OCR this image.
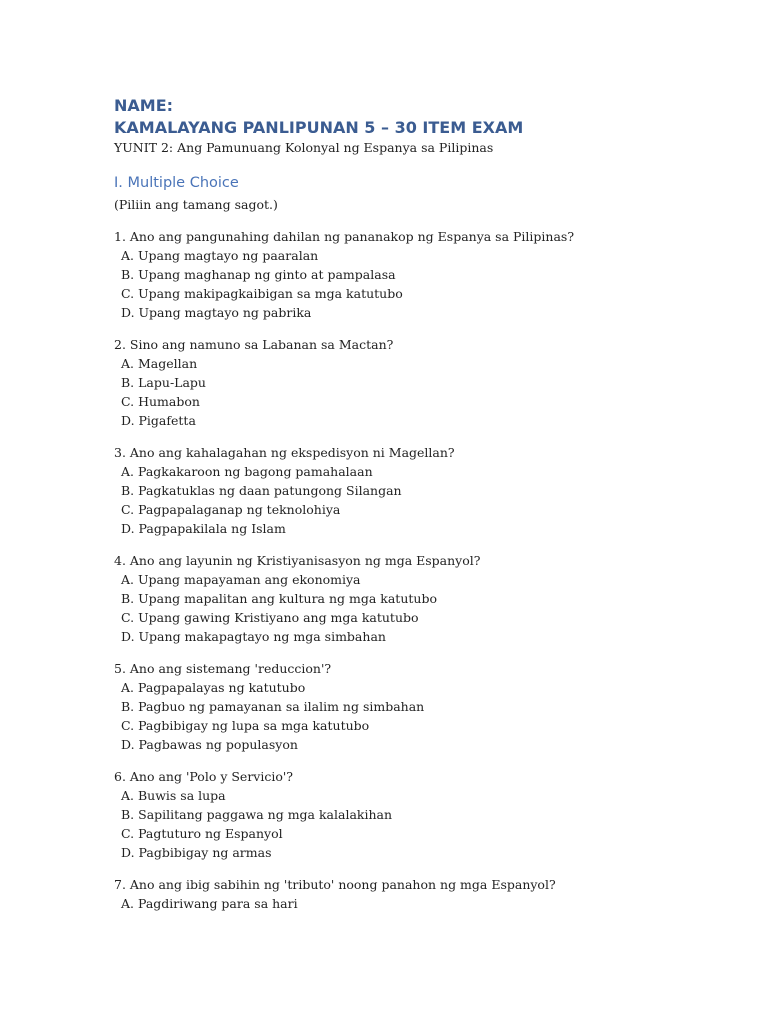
NAME:
KAMALAYANG PANLIPUNAN 5 – 30 ITEM EXAM
YUNIT 2: Ang Pamunuang Kolonyal ng Espanya sa Pilipinas
I. Multiple Choice
(Piliin ang tamang sagot.)
1. Ano ang pangunahing dahilan ng pananakop ng Espanya sa Pilipinas?
A. Upang magtayo ng paaralan
B. Upang maghanap ng ginto at pampalasa
C. Upang makipagkaibigan sa mga katutubo
D. Upang magtayo ng pabrika
2. Sino ang namuno sa Labanan sa Mactan?
A. Magellan
B. Lapu-Lapu
C. Humabon
D. Pigafetta
3. Ano ang kahalagahan ng ekspedisyon ni Magellan?
A. Pagkakaroon ng bagong pamahalaan
B. Pagkatuklas ng daan patungong Silangan
C. Pagpapalaganap ng teknolohiya
D. Pagpapakilala ng Islam
4. Ano ang layunin ng Kristiyanisasyon ng mga Espanyol?
A. Upang mapayaman ang ekonomiya
B. Upang mapalitan ang kultura ng mga katutubo
C. Upang gawing Kristiyano ang mga katutubo
D. Upang makapagtayo ng mga simbahan
5. Ano ang sistemang 'reduccion'?
A. Pagpapalayas ng katutubo
B. Pagbuo ng pamayanan sa ilalim ng simbahan
C. Pagbibigay ng lupa sa mga katutubo
D. Pagbawas ng populasyon
6. Ano ang 'Polo y Servicio'?
A. Buwis sa lupa
B. Sapilitang paggawa ng mga kalalakihan
C. Pagtuturo ng Espanyol
D. Pagbibigay ng armas
7. Ano ang ibig sabihin ng 'tributo' noong panahon ng mga Espanyol?
A. Pagdiriwang para sa hari
